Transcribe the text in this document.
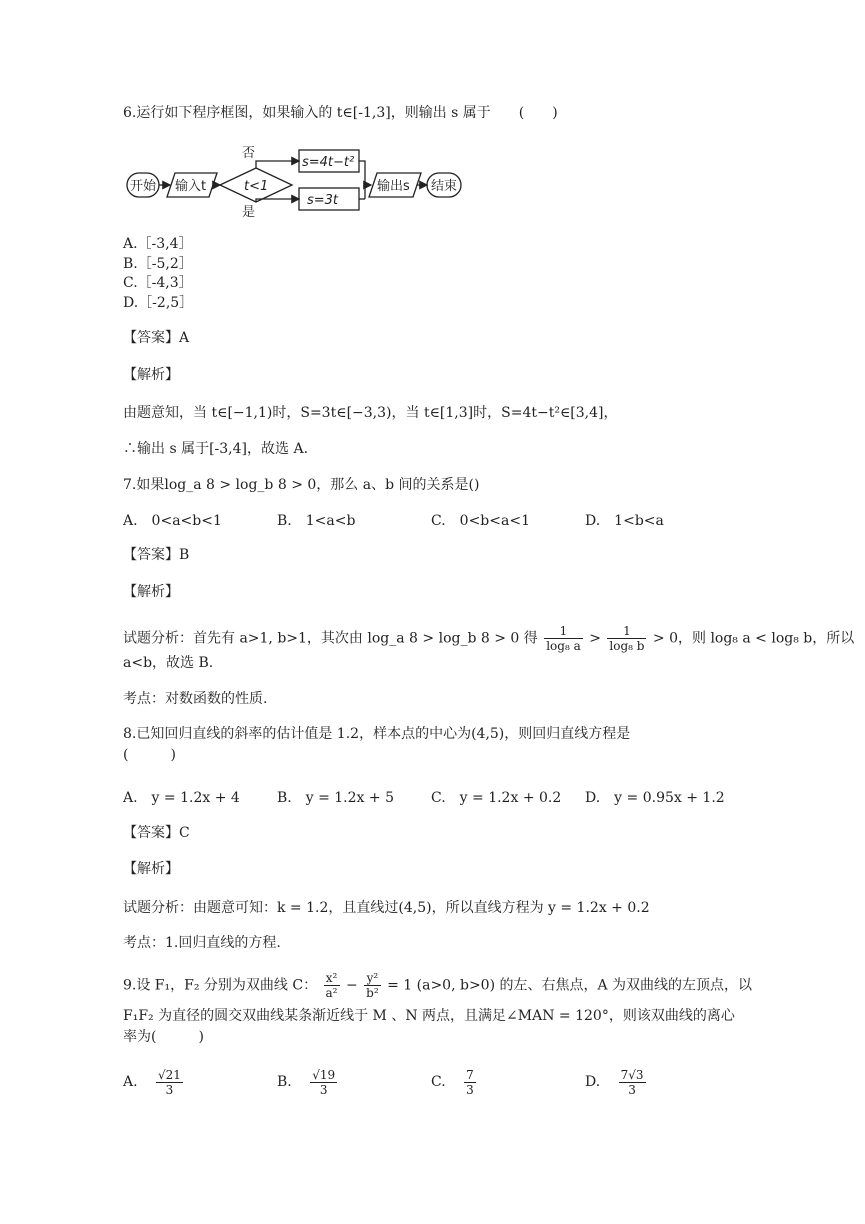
6.运行如下程序框图，如果输入的 t∈[-1,3]，则输出 s 属于　　(　　)
开始 输入t	t<1
否
是
s=4t−t²
s=3t
输出s 结束
A.［-3,4］
B.［-5,2］
C.［-4,3］
D.［-2,5］
【答案】A
【解析】
由题意知，当 t∈[−1,1)时，S=3t∈[−3,3)，当 t∈[1,3]时，S=4t−t²∈[3,4]，
∴输出 s 属于[-3,4]，故选 A.
7.如果log_a 8 > log_b 8 > 0，那么 a、b 间的关系是()
A.　0<a<b<1	B.　1<a<b	C.　0<b<a<1	D.　1<b<a
【答案】B
【解析】
试题分析：首先有 a>1, b>1，其次由 log_a 8 > log_b 8 > 0 得 $\frac{1}{\text{log₈ a}} > \frac{1}{\text{log₈ b}} > 0$，则 log₈ a < log₈ b，所以
a<b，故选 B.
考点：对数函数的性质.
8.已知回归直线的斜率的估计值是 1.2，样本点的中心为(4,5)，则回归直线方程是
(　　　)
A.　y = 1.2x + 4	B.　y = 1.2x + 5	C.　y = 1.2x + 0.2 D.　y = 0.95x + 1.2
【答案】C
【解析】
试题分析：由题意可知：k = 1.2，且直线过(4,5)，所以直线方程为 y = 1.2x + 0.2
考点：1.回归直线的方程.
9.设 F₁，F₂ 分别为双曲线 C： $\frac{\text{x²}}{\text{a²}} - \frac{\text{y²}}{\text{b²}} = 1$ (a>0, b>0) 的左、右焦点，A 为双曲线的左顶点，以
F₁F₂ 为直径的圆交双曲线某条渐近线于 M 、N 两点，且满足∠MAN = 120°，则该双曲线的离心
率为(　　　)
A. $\frac{√21}{3}$	B. $\frac{√19}{3}$	C. $\frac{7}{3}$	D. $\frac{7√3}{3}$
